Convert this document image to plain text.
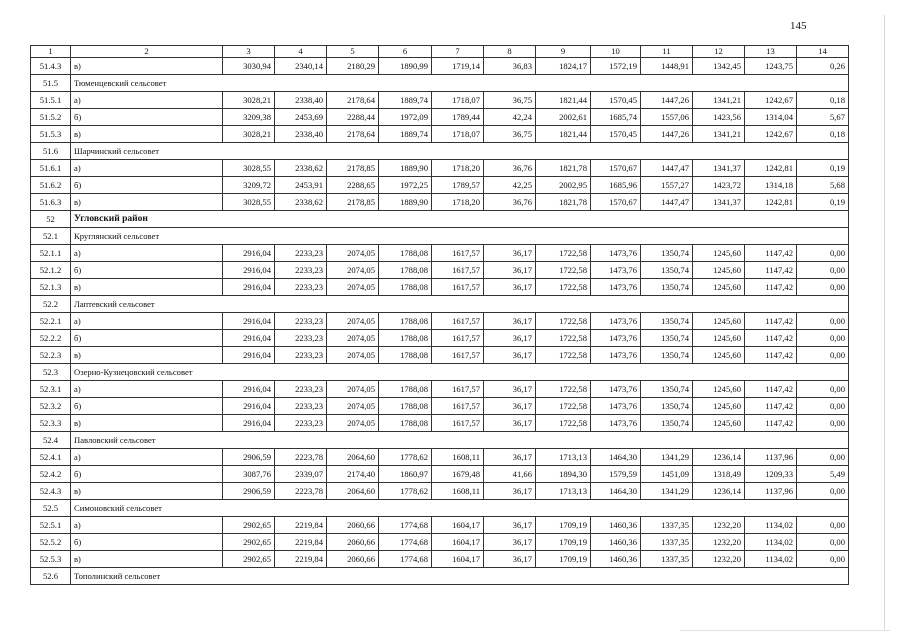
145
1	2	3	4	5	6	7	8	9	10	11	12	13	14
51.4.3	в)	3030,94	2340,14	2180,29	1890,99	1719,14	36,83	1824,17	1572,19	1448,91	1342,45	1243,75	0,26
51.5	Тюменцевский сельсовет												
51.5.1	а)	3028,21	2338,40	2178,64	1889,74	1718,07	36,75	1821,44	1570,45	1447,26	1341,21	1242,67	0,18
51.5.2	б)	3209,38	2453,69	2288,44	1972,09	1789,44	42,24	2002,61	1685,74	1557,06	1423,56	1314,04	5,67
51.5.3	в)	3028,21	2338,40	2178,64	1889,74	1718,07	36,75	1821,44	1570,45	1447,26	1341,21	1242,67	0,18
51.6	Шарчинский сельсовет												
51.6.1	а)	3028,55	2338,62	2178,85	1889,90	1718,20	36,76	1821,78	1570,67	1447,47	1341,37	1242,81	0,19
51.6.2	б)	3209,72	2453,91	2288,65	1972,25	1789,57	42,25	2002,95	1685,96	1557,27	1423,72	1314,18	5,68
51.6.3	в)	3028,55	2338,62	2178,85	1889,90	1718,20	36,76	1821,78	1570,67	1447,47	1341,37	1242,81	0,19
52	Угловский район												
52.1	Круглянский сельсовет												
52.1.1	а)	2916,04	2233,23	2074,05	1788,08	1617,57	36,17	1722,58	1473,76	1350,74	1245,60	1147,42	0,00
52.1.2	б)	2916,04	2233,23	2074,05	1788,08	1617,57	36,17	1722,58	1473,76	1350,74	1245,60	1147,42	0,00
52.1.3	в)	2916,04	2233,23	2074,05	1788,08	1617,57	36,17	1722,58	1473,76	1350,74	1245,60	1147,42	0,00
52.2	Лаптевский сельсовет												
52.2.1	а)	2916,04	2233,23	2074,05	1788,08	1617,57	36,17	1722,58	1473,76	1350,74	1245,60	1147,42	0,00
52.2.2	б)	2916,04	2233,23	2074,05	1788,08	1617,57	36,17	1722,58	1473,76	1350,74	1245,60	1147,42	0,00
52.2.3	в)	2916,04	2233,23	2074,05	1788,08	1617,57	36,17	1722,58	1473,76	1350,74	1245,60	1147,42	0,00
52.3	Озерно-Кузнецовский сельсовет												
52.3.1	а)	2916,04	2233,23	2074,05	1788,08	1617,57	36,17	1722,58	1473,76	1350,74	1245,60	1147,42	0,00
52.3.2	б)	2916,04	2233,23	2074,05	1788,08	1617,57	36,17	1722,58	1473,76	1350,74	1245,60	1147,42	0,00
52.3.3	в)	2916,04	2233,23	2074,05	1788,08	1617,57	36,17	1722,58	1473,76	1350,74	1245,60	1147,42	0,00
52.4	Павловский сельсовет												
52.4.1	а)	2906,59	2223,78	2064,60	1778,62	1608,11	36,17	1713,13	1464,30	1341,29	1236,14	1137,96	0,00
52.4.2	б)	3087,76	2339,07	2174,40	1860,97	1679,48	41,66	1894,30	1579,59	1451,09	1318,49	1209,33	5,49
52.4.3	в)	2906,59	2223,78	2064,60	1778,62	1608,11	36,17	1713,13	1464,30	1341,29	1236,14	1137,96	0,00
52.5	Симоновский сельсовет												
52.5.1	а)	2902,65	2219,84	2060,66	1774,68	1604,17	36,17	1709,19	1460,36	1337,35	1232,20	1134,02	0,00
52.5.2	б)	2902,65	2219,84	2060,66	1774,68	1604,17	36,17	1709,19	1460,36	1337,35	1232,20	1134,02	0,00
52.5.3	в)	2902,65	2219,84	2060,66	1774,68	1604,17	36,17	1709,19	1460,36	1337,35	1232,20	1134,02	0,00
52.6	Тополинский сельсовет												
